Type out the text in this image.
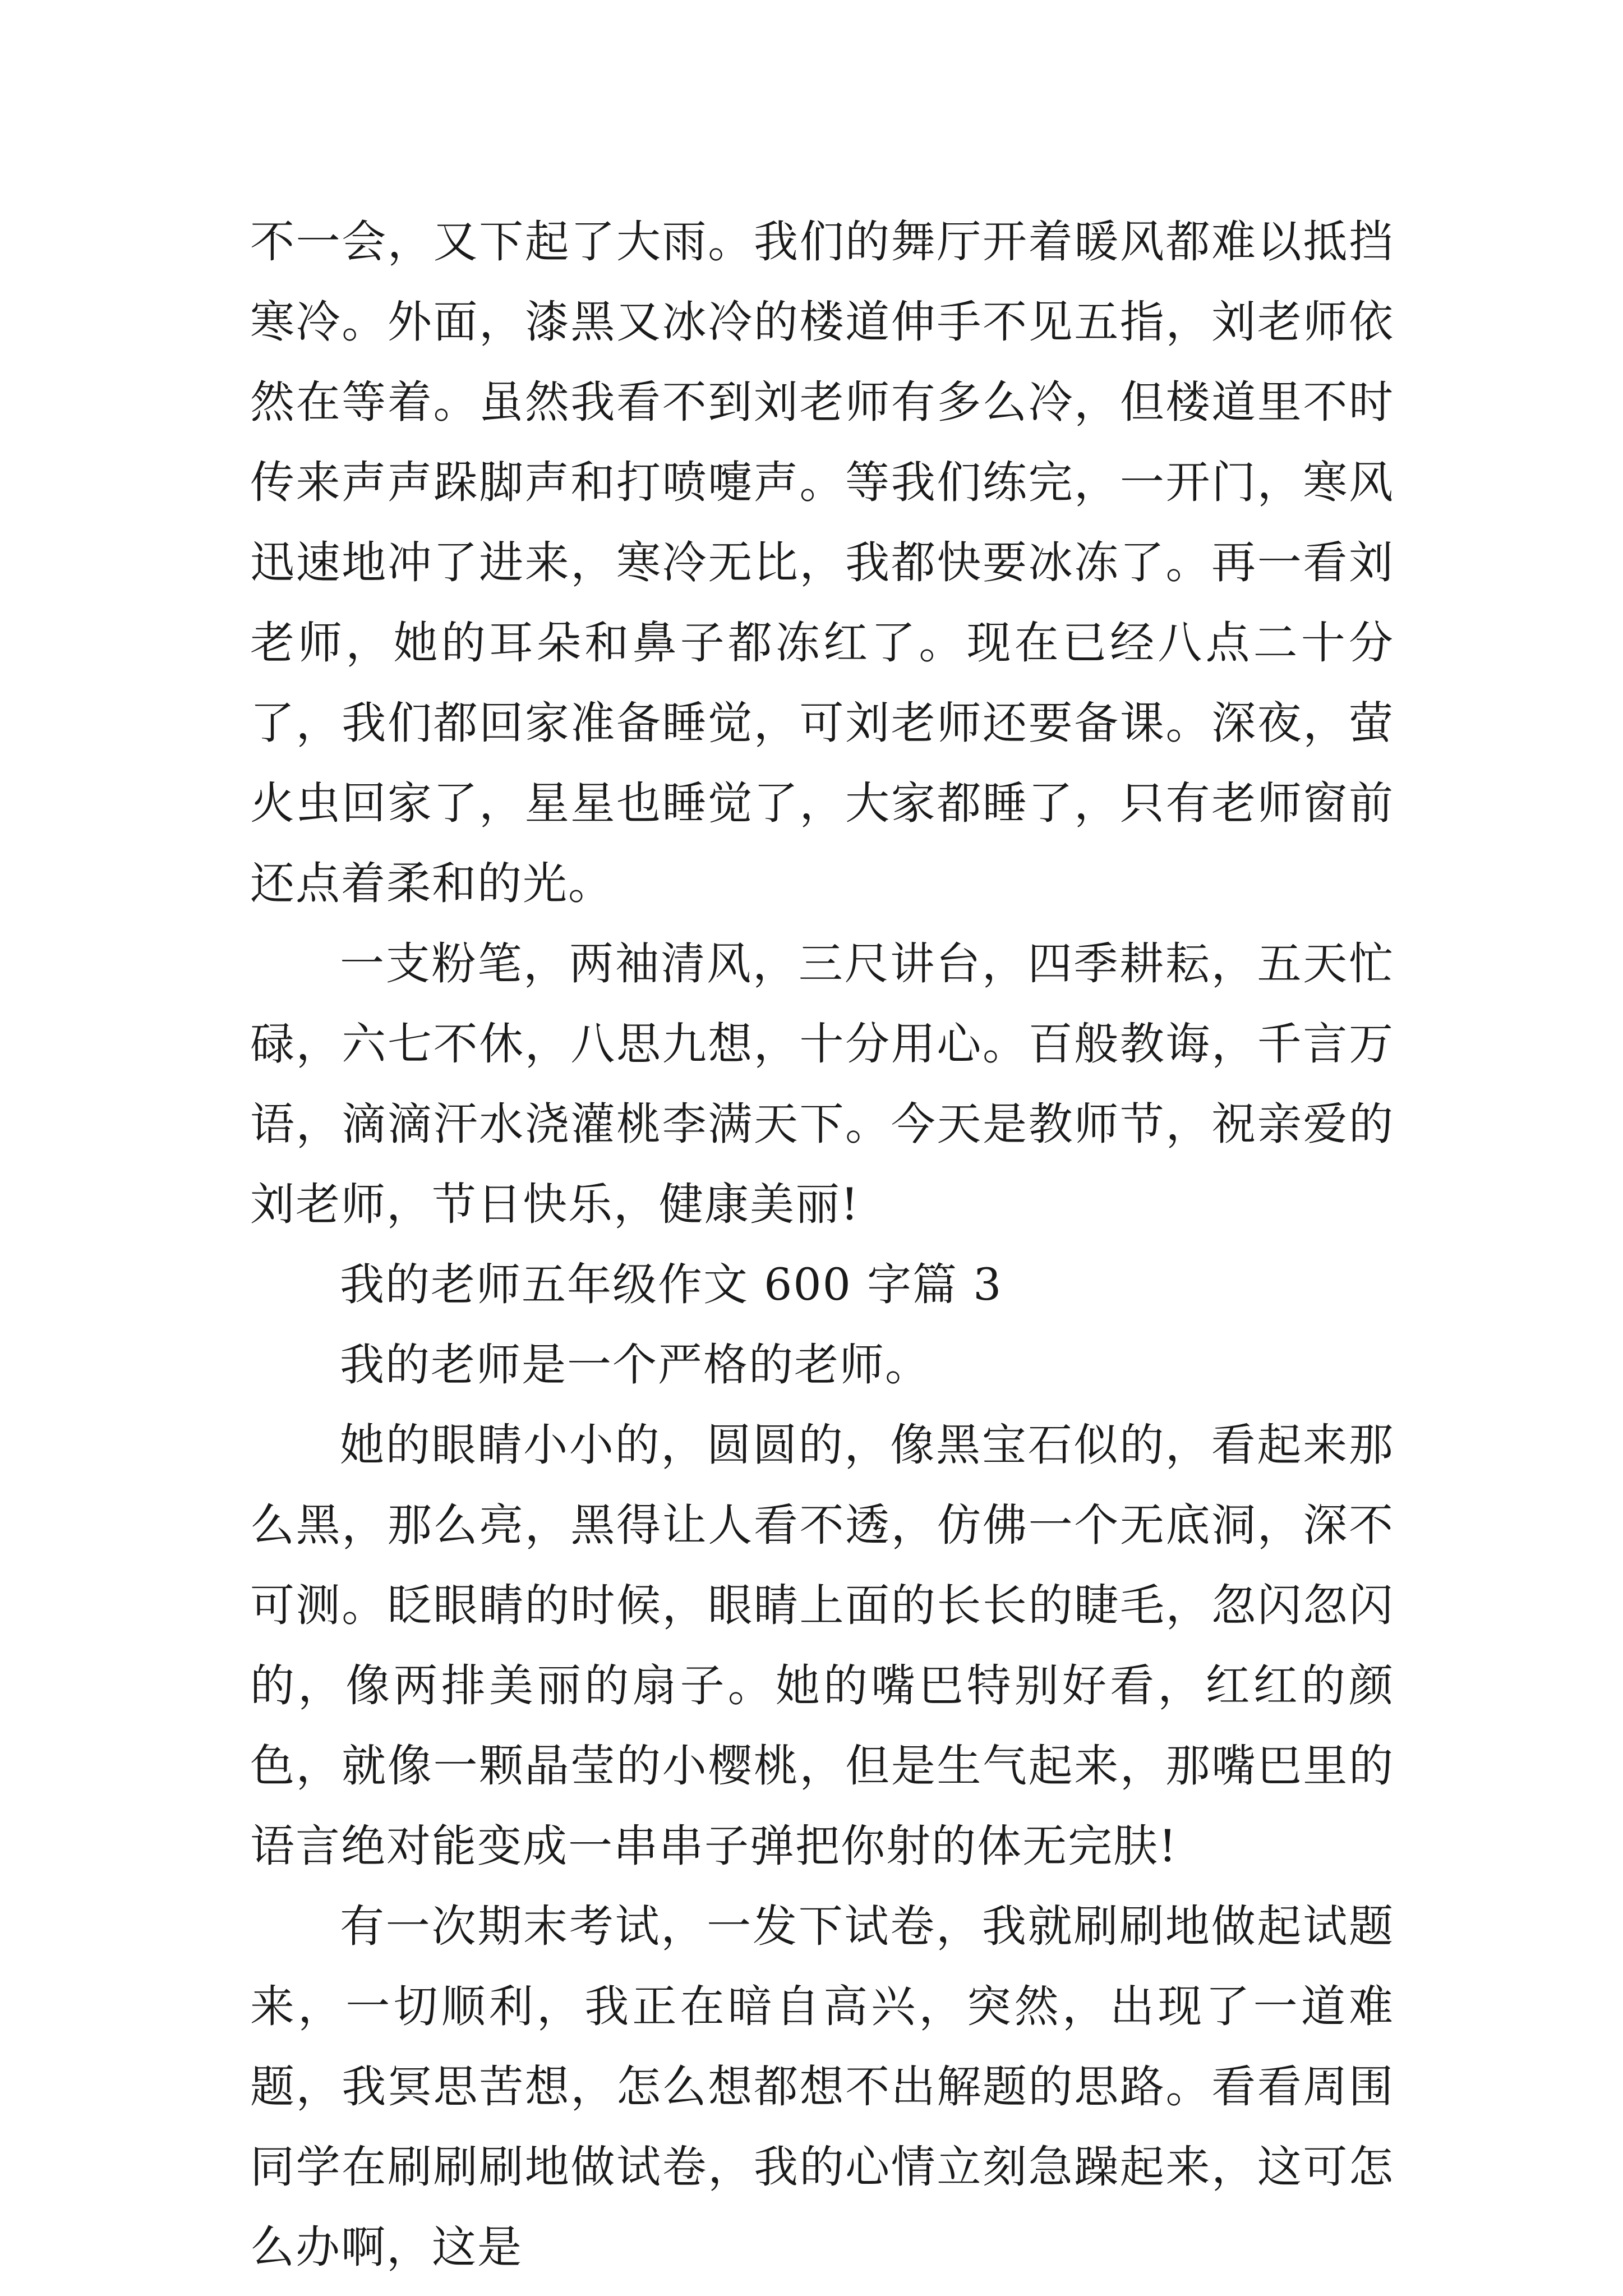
不一会，又下起了大雨。我们的舞厅开着暖风都难以抵挡寒冷。外面，漆黑又冰冷的楼道伸手不见五指，刘老师依然在等着。虽然我看不到刘老师有多么冷，但楼道里不时传来声声跺脚声和打喷嚏声。等我们练完，一开门，寒风迅速地冲了进来，寒冷无比，我都快要冰冻了。再一看刘老师，她的耳朵和鼻子都冻红了。现在已经八点二十分了，我们都回家准备睡觉，可刘老师还要备课。深夜，萤火虫回家了，星星也睡觉了，大家都睡了，只有老师窗前还点着柔和的光。

一支粉笔，两袖清风，三尺讲台，四季耕耘，五天忙碌，六七不休，八思九想，十分用心。百般教诲，千言万语，滴滴汗水浇灌桃李满天下。今天是教师节，祝亲爱的刘老师，节日快乐，健康美丽!

我的老师五年级作文 600 字篇 3

我的老师是一个严格的老师。

她的眼睛小小的，圆圆的，像黑宝石似的，看起来那么黑，那么亮，黑得让人看不透，仿佛一个无底洞，深不可测。眨眼睛的时候，眼睛上面的长长的睫毛，忽闪忽闪的，像两排美丽的扇子。她的嘴巴特别好看，红红的颜色，就像一颗晶莹的小樱桃，但是生气起来，那嘴巴里的语言绝对能变成一串串子弹把你射的体无完肤!

有一次期末考试，一发下试卷，我就刷刷地做起试题来，一切顺利，我正在暗自高兴，突然，出现了一道难题，我冥思苦想，怎么想都想不出解题的思路。看看周围同学在刷刷刷地做试卷，我的心情立刻急躁起来，这可怎么办啊，这是
